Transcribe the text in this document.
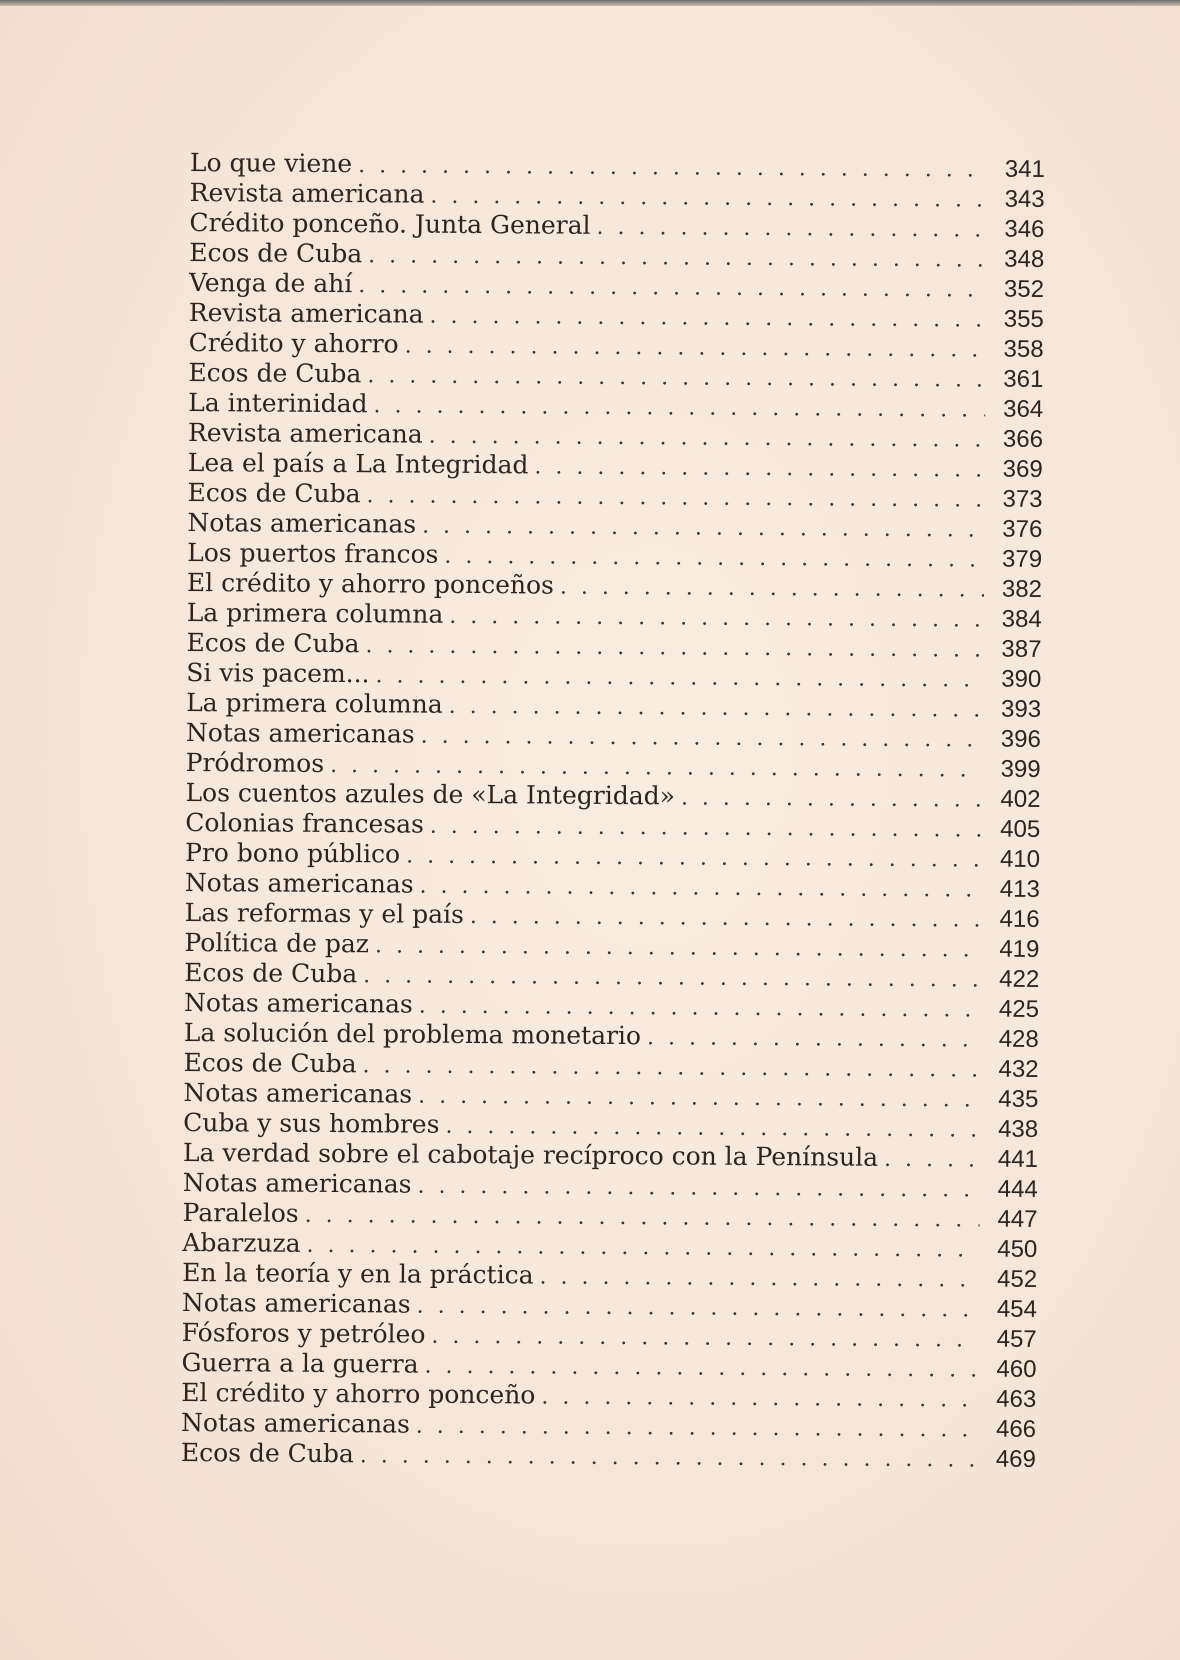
Lo que viene . . .	341
Revista americana . . .	343
Crédito ponceño. Junta General . . .	346
Ecos de Cuba . . .	348
Venga de ahí . . .	352
Revista americana . . .	355
Crédito y ahorro . . .	358
Ecos de Cuba . . .	361
La interinidad . . .	364
Revista americana . . .	366
Lea el país a La Integridad . . .	369
Ecos de Cuba . . .	373
Notas americanas . . .	376
Los puertos francos . . .	379
El crédito y ahorro ponceños . . .	382
La primera columna . . .	384
Ecos de Cuba . . .	387
Si vis pacem... . . .	390
La primera columna . . .	393
Notas americanas . . .	396
Pródromos . . .	399
Los cuentos azules de «La Integridad» . . .	402
Colonias francesas . . .	405
Pro bono público . . .	410
Notas americanas . . .	413
Las reformas y el país . . .	416
Política de paz . . .	419
Ecos de Cuba . . .	422
Notas americanas . . .	425
La solución del problema monetario . . .	428
Ecos de Cuba . . .	432
Notas americanas . . .	435
Cuba y sus hombres . . .	438
La verdad sobre el cabotaje recíproco con la Península . . .	441
Notas americanas . . .	444
Paralelos . . .	447
Abarzuza . . .	450
En la teoría y en la práctica . . .	452
Notas americanas . . .	454
Fósforos y petróleo . . .	457
Guerra a la guerra . . .	460
El crédito y ahorro ponceño . . .	463
Notas americanas . . .	466
Ecos de Cuba . . .	469
